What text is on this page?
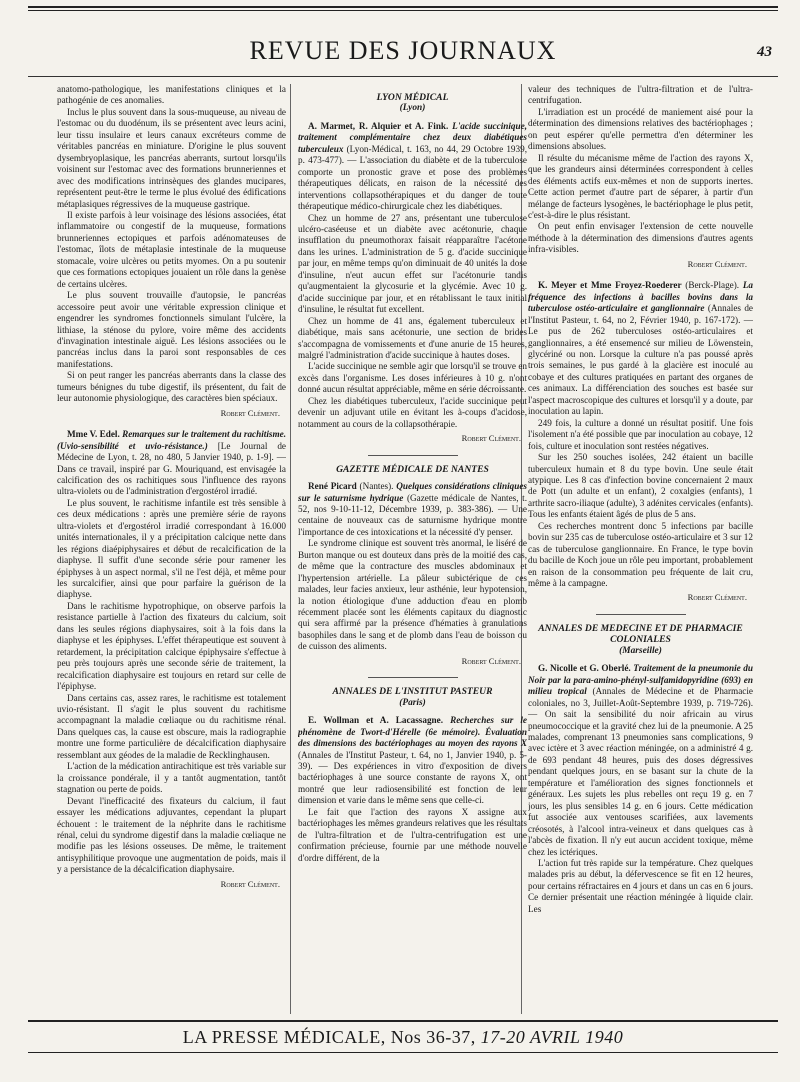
REVUE DES JOURNAUX	43

anatomo-pathologique, les manifestations cliniques et la pathogénie de ces anomalies.

Inclus le plus souvent dans la sous-muqueuse, au niveau de l'estomac ou du duodénum, ils se présentent avec leurs acini, leur tissu insulaire et leurs canaux excréteurs comme de véritables pancréas en miniature. D'origine le plus souvent dysembryoplasique, les pancréas aberrants, surtout lorsqu'ils voisinent sur l'estomac avec des formations brunneriennes et avec des modifications intrinsèques des glandes mucipares, représentent peut-être le terme le plus évolué des édifications métaplasiques régressives de la muqueuse gastrique.

Il existe parfois à leur voisinage des lésions associées, état inflammatoire ou congestif de la muqueuse, formations brunneriennes ectopiques et parfois adénomateuses de l'estomac, îlots de métaplasie intestinale de la muqueuse stomacale, voire ulcères ou petits myomes. On a pu soutenir que ces formations ectopiques jouaient un rôle dans la genèse de certains ulcères.

Le plus souvent trouvaille d'autopsie, le pancréas accessoire peut avoir une véritable expression clinique et engendrer les syndromes fonctionnels simulant l'ulcère, la lithiase, la sténose du pylore, voire même des accidents d'invagination intestinale aiguë. Les lésions associées ou le pancréas inclus dans la paroi sont responsables de ces manifestations.

Si on peut ranger les pancréas aberrants dans la classe des tumeurs bénignes du tube digestif, ils présentent, du fait de leur autonomie physiologique, des caractères bien spéciaux.

Robert Clément.

Mme V. Edel. Remarques sur le traitement du rachitisme. (Uvio-sensibilité et uvio-résistance.) [Le Journal de Médecine de Lyon, t. 28, no 480, 5 Janvier 1940, p. 1-9]. — Dans ce travail, inspiré par G. Mouriquand, est envisagée la calcification des os rachitiques sous l'influence des rayons ultra-violets ou de l'administration d'ergostérol irradié.

Le plus souvent, le rachitisme infantile est très sensible à ces deux médications : après une première série de rayons ultra-violets et d'ergostérol irradié correspondant à 16.000 unités internationales, il y a précipitation calcique nette dans les régions diaépiphysaires et début de recalcification de la diaphyse. Il suffit d'une seconde série pour ramener les épiphyses à un aspect normal, s'il ne l'est déjà, et même pour les surcalcifier, ainsi que pour parfaire la guérison de la diaphyse.

Dans le rachitisme hypotrophique, on observe parfois la resistance partielle à l'action des fixateurs du calcium, soit dans les seules régions diaphysaires, soit à la fois dans la diaphyse et les épiphyses. L'effet thérapeutique est souvent à retardement, la précipitation calcique épiphysaire s'effectue à peu près toujours après une seconde série de traitement, la recalcification diaphysaire est toujours en retard sur celle de l'épiphyse.

Dans certains cas, assez rares, le rachitisme est totalement uvio-résistant. Il s'agit le plus souvent du rachitisme accompagnant la maladie cœliaque ou du rachitisme rénal. Dans quelques cas, la cause est obscure, mais la radiographie montre une forme particulière de décalcification diaphysaire ressemblant aux géodes de la maladie de Recklinghausen.

L'action de la médication antirachitique est très variable sur la croissance pondérale, il y a tantôt augmentation, tantôt stagnation ou perte de poids.

Devant l'inefficacité des fixateurs du calcium, il faut essayer les médications adjuvantes, cependant la plupart échouent : le traitement de la néphrite dans le rachitisme rénal, celui du syndrome digestif dans la maladie cœliaque ne modifie pas les lésions osseuses. De même, le traitement antisyphilitique provoque une augmentation de poids, mais il y a persistance de la décalcification diaphysaire.

Robert Clément.

LYON MÉDICAL

(Lyon)

A. Marmet, R. Alquier et A. Fink. L'acide succinique, traitement complémentaire chez deux diabétiques tuberculeux (Lyon-Médical, t. 163, no 44, 29 Octobre 1939, p. 473-477). — L'association du diabète et de la tuberculose comporte un pronostic grave et pose des problèmes thérapeutiques délicats, en raison de la nécessité des interventions collapsothérapiques et du danger de toute thérapeutique médico-chirurgicale chez les diabétiques.

Chez un homme de 27 ans, présentant une tuberculose ulcéro-caséeuse et un diabète avec acétonurie, chaque insufflation du pneumothorax faisait réapparaître l'acétone dans les urines. L'administration de 5 g. d'acide succinique par jour, en même temps qu'on diminuait de 40 unités la dose d'insuline, n'eut aucun effet sur l'acétonurie tandis qu'augmentaient la glycosurie et la glycémie. Avec 10 g. d'acide succinique par jour, et en rétablissant le taux initial d'insuline, le résultat fut excellent.

Chez un homme de 41 ans, également tuberculeux et diabétique, mais sans acétonurie, une section de brides s'accompagna de vomissements et d'une anurie de 15 heures, malgré l'administration d'acide succinique à hautes doses.

L'acide succinique ne semble agir que lorsqu'il se trouve en excès dans l'organisme. Les doses inférieures à 10 g. n'ont donné aucun résultat appréciable, même en série décroissante.

Chez les diabétiques tuberculeux, l'acide succinique peut devenir un adjuvant utile en évitant les à-coups d'acidose, notamment au cours de la collapsothérapie.

Robert Clément.

GAZETTE MÉDICALE DE NANTES

René Picard (Nantes). Quelques considérations cliniques sur le saturnisme hydrique (Gazette médicale de Nantes, t. 52, nos 9-10-11-12, Décembre 1939, p. 383-386). — Une centaine de nouveaux cas de saturnisme hydrique montre l'importance de ces intoxications et la nécessité d'y penser.

Le syndrome clinique est souvent très anormal, le liséré de Burton manque ou est douteux dans près de la moitié des cas, de même que la contracture des muscles abdominaux et l'hypertension artérielle. La pâleur subictérique de ces malades, leur facies anxieux, leur asthénie, leur hypotension, la notion étiologique d'une adduction d'eau en plomb récemment placée sont les éléments capitaux du diagnostic qui sera affirmé par la présence d'hématies à granulations basophiles dans le sang et de plomb dans l'eau de boisson ou de cuisson des aliments.

Robert Clément.

ANNALES DE L'INSTITUT PASTEUR

(Paris)

E. Wollman et A. Lacassagne. Recherches sur le phénomène de Twort-d'Hérelle (6e mémoire). Évaluation des dimensions des bactériophages au moyen des rayons X (Annales de l'Institut Pasteur, t. 64, no 1, Janvier 1940, p. 5-39). — Des expériences in vitro d'exposition de divers bactériophages à une source constante de rayons X, ont montré que leur radiosensibilité est fonction de leur dimension et varie dans le même sens que celle-ci.

Le fait que l'action des rayons X assigne aux bactériophages les mêmes grandeurs relatives que les résultats de l'ultra-filtration et de l'ultra-centrifugation est une confirmation précieuse, fournie par une méthode nouvelle d'ordre différent, de la

valeur des techniques de l'ultra-filtration et de l'ultra-centrifugation.

L'irradiation est un procédé de maniement aisé pour la détermination des dimensions relatives des bactériophages ; on peut espérer qu'elle permettra d'en déterminer les dimensions absolues.

Il résulte du mécanisme même de l'action des rayons X, que les grandeurs ainsi déterminées correspondent à celles des éléments actifs eux-mêmes et non de supports inertes. Cette action permet d'autre part de séparer, à partir d'un mélange de facteurs lysogènes, le bactériophage le plus petit, c'est-à-dire le plus résistant.

On peut enfin envisager l'extension de cette nouvelle méthode à la détermination des dimensions d'autres agents infra-visibles.

Robert Clément.

K. Meyer et Mme Froyez-Roederer (Berck-Plage). La fréquence des infections à bacilles bovins dans la tuberculose ostéo-articulaire et ganglionnaire (Annales de l'Institut Pasteur, t. 64, no 2, Février 1940, p. 167-172). — Le pus de 262 tuberculoses ostéo-articulaires et ganglionnaires, a été ensemencé sur milieu de Löwenstein, glycériné ou non. Lorsque la culture n'a pas poussé après trois semaines, le pus gardé à la glacière est inoculé au cobaye et des cultures pratiquées en partant des organes de ces animaux. La différenciation des souches est basée sur l'aspect macroscopique des cultures et lorsqu'il y a doute, par inoculation au lapin.

249 fois, la culture a donné un résultat positif. Une fois l'isolement n'a été possible que par inoculation au cobaye, 12 fois, culture et inoculation sont restées négatives.

Sur les 250 souches isolées, 242 étaient un bacille tuberculeux humain et 8 du type bovin. Une seule était atypique. Les 8 cas d'infection bovine concernaient 2 maux de Pott (un adulte et un enfant), 2 coxalgies (enfants), 1 arthrite sacro-iliaque (adulte), 3 adénites cervicales (enfants). Tous les enfants étaient âgés de plus de 5 ans.

Ces recherches montrent donc 5 infections par bacille bovin sur 235 cas de tuberculose ostéo-articulaire et 3 sur 12 cas de tuberculose ganglionnaire. En France, le type bovin du bacille de Koch joue un rôle peu important, probablement en raison de la consommation peu fréquente de lait cru, même à la campagne.

Robert Clément.

ANNALES DE MEDECINE ET DE PHARMACIE COLONIALES

(Marseille)

G. Nicolle et G. Oberlé. Traitement de la pneumonie du Noir par la para-amino-phényl-sulfamidopyridine (693) en milieu tropical (Annales de Médecine et de Pharmacie coloniales, no 3, Juillet-Août-Septembre 1939, p. 719-726). — On sait la sensibilité du noir africain au virus pneumococcique et la gravité chez lui de la pneumonie. A 25 malades, comprenant 13 pneumonies sans complications, 9 avec ictère et 3 avec réaction méningée, on a administré 4 g. de 693 pendant 48 heures, puis des doses dégressives pendant quelques jours, en se basant sur la chute de la température et l'amélioration des signes fonctionnels et généraux. Les sujets les plus rebelles ont reçu 19 g. en 7 jours, les plus sensibles 14 g. en 6 jours. Cette médication fut associée aux ventouses scarifiées, aux lavements créosotés, à l'alcool intra-veineux et dans quelques cas à l'abcès de fixation. Il n'y eut aucun accident toxique, même chez les ictériques.

L'action fut très rapide sur la température. Chez quelques malades pris au début, la défervescence se fit en 12 heures, pour certains réfractaires en 4 jours et dans un cas en 6 jours. Ce dernier présentait une réaction méningée à liquide clair. Les

LA PRESSE MÉDICALE, Nos 36-37, 17-20 AVRIL 1940
